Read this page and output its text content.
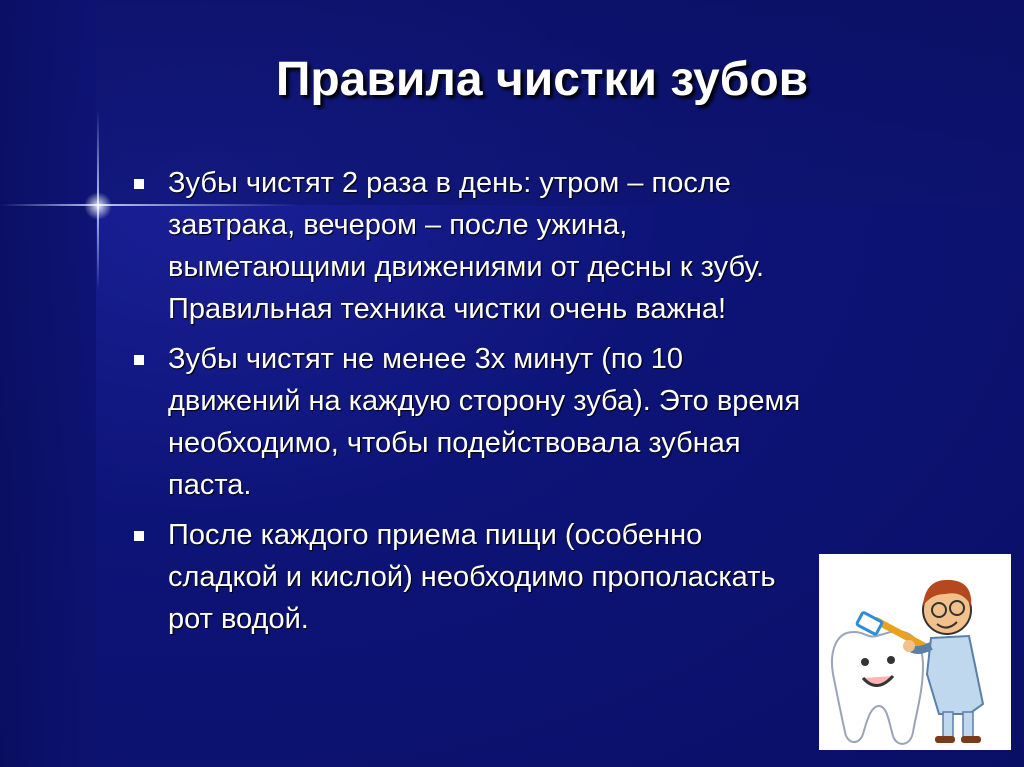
Правила чистки зубов
Зубы чистят 2 раза в день: утром – после завтрака, вечером – после ужина, выметающими движениями от десны к зубу. Правильная техника чистки очень важна!
Зубы чистят не менее 3х минут (по 10 движений на каждую сторону зуба). Это время необходимо, чтобы подействовала зубная паста.
После каждого приема пищи (особенно сладкой и кислой) необходимо прополаскать рот водой.
